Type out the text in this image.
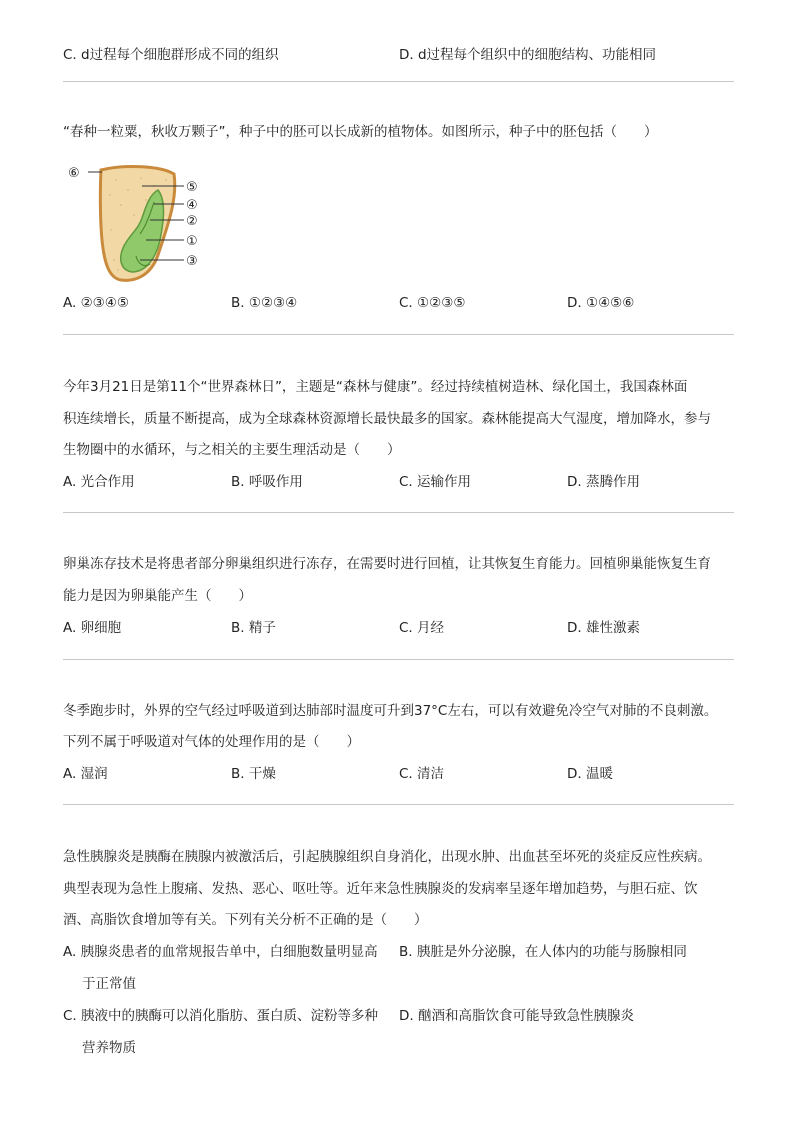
C. d过程每个细胞群形成不同的组织	D. d过程每个组织中的细胞结构、功能相同
“春种一粒粟，秋收万颗子”，种子中的胚可以长成新的植物体。如图所示，种子中的胚包括（　　）
⑥
⑤
④
②
①
③
A. ②③④⑤	B. ①②③④	C. ①②③⑤	D. ①④⑤⑥
今年3月21日是第11个“世界森林日”，主题是“森林与健康”。经过持续植树造林、绿化国土，我国森林面
积连续增长，质量不断提高，成为全球森林资源增长最快最多的国家。森林能提高大气湿度，增加降水，参与
生物圈中的水循环，与之相关的主要生理活动是（　　）
A. 光合作用	B. 呼吸作用	C. 运输作用	D. 蒸腾作用
卵巢冻存技术是将患者部分卵巢组织进行冻存，在需要时进行回植，让其恢复生育能力。回植卵巢能恢复生育
能力是因为卵巢能产生（　　）
A. 卵细胞	B. 精子	C. 月经	D. 雄性激素
冬季跑步时，外界的空气经过呼吸道到达肺部时温度可升到37°C左右，可以有效避免冷空气对肺的不良刺激。
下列不属于呼吸道对气体的处理作用的是（　　）
A. 湿润	B. 干燥	C. 清洁	D. 温暖
急性胰腺炎是胰酶在胰腺内被激活后，引起胰腺组织自身消化，出现水肿、出血甚至坏死的炎症反应性疾病。
典型表现为急性上腹痛、发热、恶心、呕吐等。近年来急性胰腺炎的发病率呈逐年增加趋势，与胆石症、饮
酒、高脂饮食增加等有关。下列有关分析不正确的是（　　）
A. 胰腺炎患者的血常规报告单中，白细胞数量明显高
于正常值
B. 胰脏是外分泌腺，在人体内的功能与肠腺相同
C. 胰液中的胰酶可以消化脂肪、蛋白质、淀粉等多种
营养物质
D. 酗酒和高脂饮食可能导致急性胰腺炎
